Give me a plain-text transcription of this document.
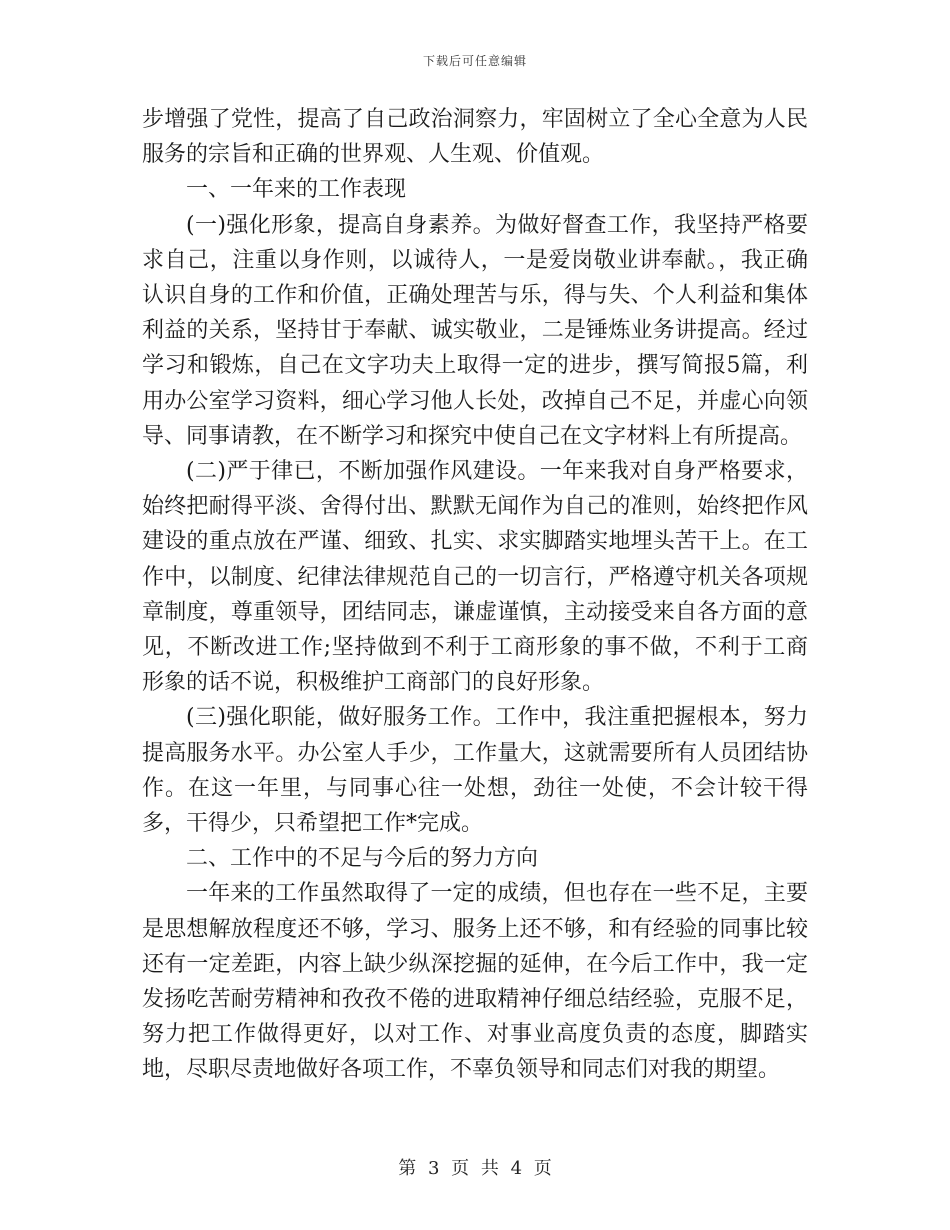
下载后可任意编辑

步增强了党性，提高了自己政治洞察力，牢固树立了全心全意为人民服务的宗旨和正确的世界观、人生观、价值观。

一、一年来的工作表现

(一)强化形象，提高自身素养。为做好督查工作，我坚持严格要求自己，注重以身作则，以诚待人，一是爱岗敬业讲奉献。，我正确认识自身的工作和价值，正确处理苦与乐，得与失、个人利益和集体利益的关系，坚持甘于奉献、诚实敬业，二是锤炼业务讲提高。经过学习和锻炼，自己在文字功夫上取得一定的进步，撰写简报5篇，利用办公室学习资料，细心学习他人长处，改掉自己不足，并虚心向领导、同事请教，在不断学习和探究中使自己在文字材料上有所提高。

(二)严于律已，不断加强作风建设。一年来我对自身严格要求，始终把耐得平淡、舍得付出、默默无闻作为自己的准则，始终把作风建设的重点放在严谨、细致、扎实、求实脚踏实地埋头苦干上。在工作中，以制度、纪律法律规范自己的一切言行，严格遵守机关各项规章制度，尊重领导，团结同志，谦虚谨慎，主动接受来自各方面的意见，不断改进工作;坚持做到不利于工商形象的事不做，不利于工商形象的话不说，积极维护工商部门的良好形象。

(三)强化职能，做好服务工作。工作中，我注重把握根本，努力提高服务水平。办公室人手少，工作量大，这就需要所有人员团结协作。在这一年里，与同事心往一处想，劲往一处使，不会计较干得多，干得少，只希望把工作*完成。

二、工作中的不足与今后的努力方向

一年来的工作虽然取得了一定的成绩，但也存在一些不足，主要是思想解放程度还不够，学习、服务上还不够，和有经验的同事比较还有一定差距，内容上缺少纵深挖掘的延伸，在今后工作中，我一定发扬吃苦耐劳精神和孜孜不倦的进取精神仔细总结经验，克服不足，努力把工作做得更好，以对工作、对事业高度负责的态度，脚踏实地，尽职尽责地做好各项工作，不辜负领导和同志们对我的期望。

第 3 页 共 4 页
